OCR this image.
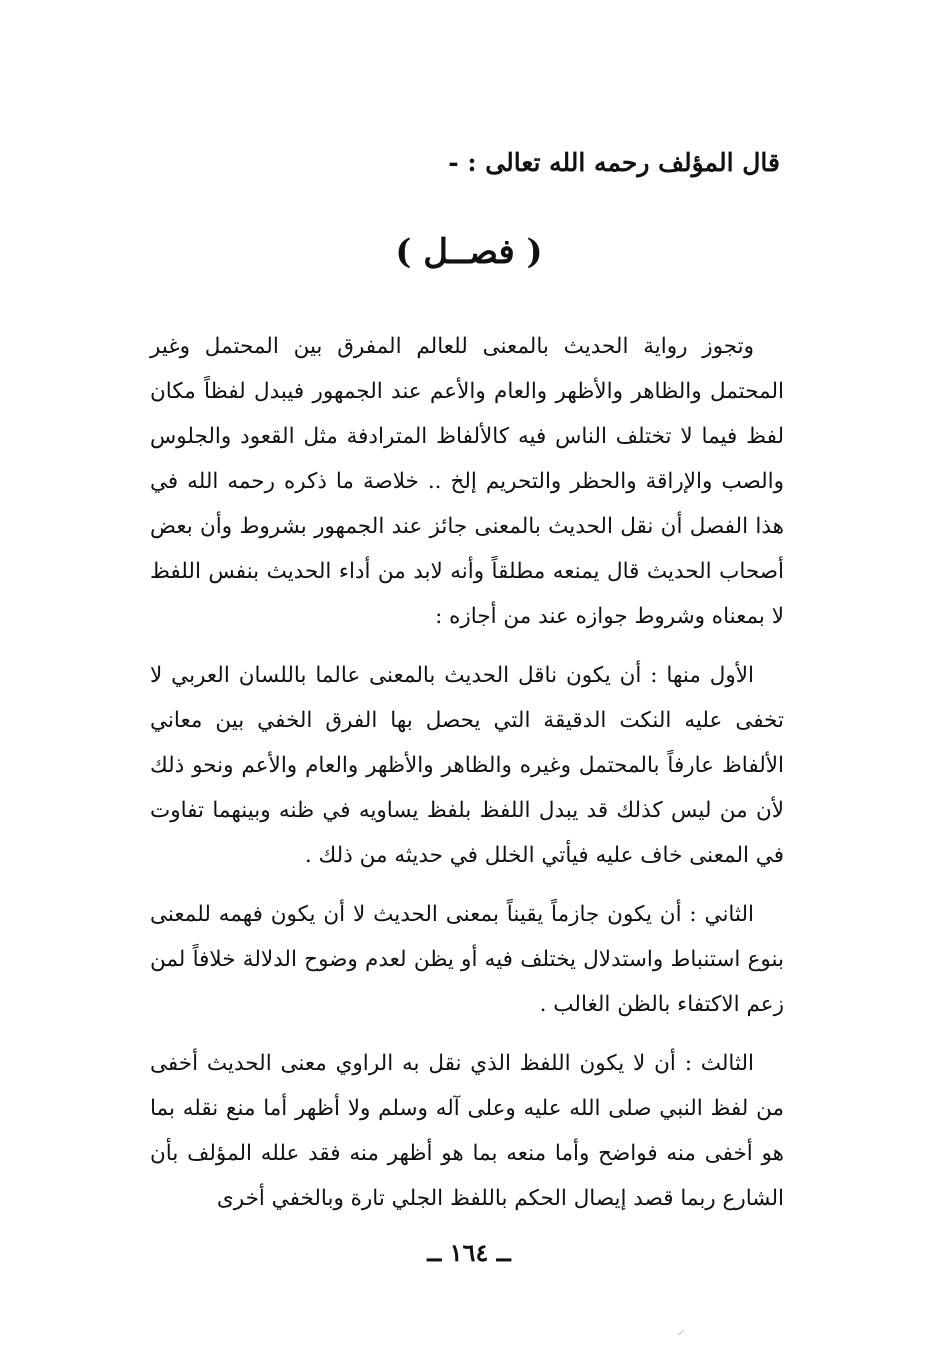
قال المؤلف رحمه الله تعالى : -
( فصــل )

وتجوز رواية الحديث بالمعنى للعالم المفرق بين المحتمل وغير المحتمل والظاهر والأظهر والعام والأعم عند الجمهور فيبدل لفظاً مكان لفظ فيما لا تختلف الناس فيه كالألفاظ المترادفة مثل القعود والجلوس والصب والإراقة والحظر والتحريم إلخ .. خلاصة ما ذكره رحمه الله في هذا الفصل أن نقل الحديث بالمعنى جائز عند الجمهور بشروط وأن بعض أصحاب الحديث قال يمنعه مطلقاً وأنه لابد من أداء الحديث بنفس اللفظ لا بمعناه وشروط جوازه عند من أجازه :

الأول منها : أن يكون ناقل الحديث بالمعنى عالما باللسان العربي لا تخفى عليه النكت الدقيقة التي يحصل بها الفرق الخفي بين معاني الألفاظ عارفاً بالمحتمل وغيره والظاهر والأظهر والعام والأعم ونحو ذلك لأن من ليس كذلك قد يبدل اللفظ بلفظ يساويه في ظنه وبينهما تفاوت في المعنى خاف عليه فيأتي الخلل في حديثه من ذلك .

الثاني : أن يكون جازماً يقيناً بمعنى الحديث لا أن يكون فهمه للمعنى بنوع استنباط واستدلال يختلف فيه أو يظن لعدم وضوح الدلالة خلافاً لمن زعم الاكتفاء بالظن الغالب .

الثالث : أن لا يكون اللفظ الذي نقل به الراوي معنى الحديث أخفى من لفظ النبي صلى الله عليه وعلى آله وسلم ولا أظهر أما منع نقله بما هو أخفى منه فواضح وأما منعه بما هو أظهر منه فقد علله المؤلف بأن الشارع ربما قصد إيصال الحكم باللفظ الجلي تارة وبالخفي أخرى

ــ ١٦٤ ــ
